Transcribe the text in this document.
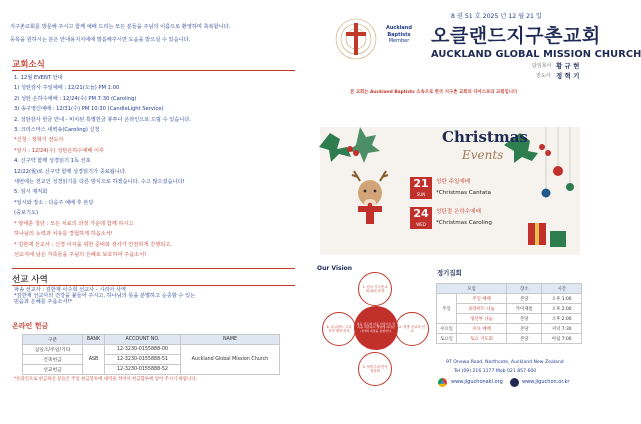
지구촌교회를 방문해 주시고 함께 예배 드리는 모든 분들을 주님의 이름으로 환영하며 축복합니다.
등록을 원하시는 분은 안내용지지에에 말씀해주시면 도움을 받으실 수 있습니다.
교회소식
1. 12월 EVENT 안내
1) 성탄감사 주일예배 : 12/21(오늘) PM 1:00
2) 성탄 은하수예배 : 12/24(수) PM 7:30 (Caroling)
3) 송구영신예배 : 12/31(수) PM 10:30 (CandleLight Service)
2. 성탄감사 헌금 안내 - 비치된 특별헌금 봉투나 온라인으로 드릴 수 있습니다.
3. 크리스마스 새벽송(Caroling) 신청
*신청 : 정혁기 전도사
*일시 : 12/24(수) 성탄은하수예배 이후
4. 신구약 함께 성경읽기 1독 선포
12/22(월)로 신구약 함께 성경읽기가 종료됩니다.
새번에는 전교인 성경읽기를 다른 방식으로 하겠습니다. 수고 많으셨습니다!
5. 임시 제직회
*일시와 장소 : 다음주 예배 후 본당
(중보기도)
* 양세훈 청년 : 모든 치료의 과정 가운데 함께 하시고
하나님의 능력과 치유를 경험하게 하옵소서!
* 김한재 선교사 : 신경 이식을 위한 준비와 검사가 안전하게 진행되고,
선교지에 남은 가족들을 주님의 은혜로 보호하여 주옵소서!
선교 사역
파송 선교사 : 김한재 이수희 선교사 - 시리아 사역
*김한재 선교사의 건강을 붙들어 주시고, 하나님의 뜻을 분별하고 순종할 수 있는
믿음과 은혜를 주옵소서!*
온라인 헌금
구분	BANK	ACCOUNT NO.	NAME
십일조/주일/기타	ASB	12-3230-0155888-00	Auckland Global Mission Church
건축헌금		12-3230-0155888-51	
선교헌금		12-3230-0155888-52	
*온라인으로 헌금하신 분들은 주일 헌금봉투에 내역을 적어서 헌금함투에 넣어 주시기 바랍니다.
8 권 51 호 2025 년 12 월 21 일
Auckland
Baptists
Member 오클랜드지구촌교회
AUCKLAND GLOBAL MISSION CHURCH
담임목사 황 규 현
전도사 정 혁 기
본 교회는 Auckland Baptists 소속으로 한국 지구촌 교회의 디아스포라 교회입니다
Christmas
Events
21
SUN
성탄 주일예배
*Christmas Cantata
24
WED
성탄절 은하수예배
*Christmas Caroling
Our Vision
1. 한국 지구촌교회 와의 동역
2. 열방 선교의 선교
3. 북미주의 민족 복음화
4. 오클랜드 고유지역 제자 양육
복음 전도와 이웃 사랑으로 민족을 치유하고 열방에 하나님 나라의 비전을 실현한다.
정기집회
모임		장소	시간
주일	주일 예배	본당	오후 1:00
	솔라미트 나눔	카미제룸	오후 2:00
	청년부 나눔	본당	오후 2:00
수요일	수요 예배	본당	저녁 7:30
토요일	토요 기도회	본당	아침 7:00
97 Onewa Road, Northcote, Auckland New Zealand
Tel (09) 216 1177 Mob 021 857 600
www.jiguchonakl.org	www.jiguchon.or.kr
